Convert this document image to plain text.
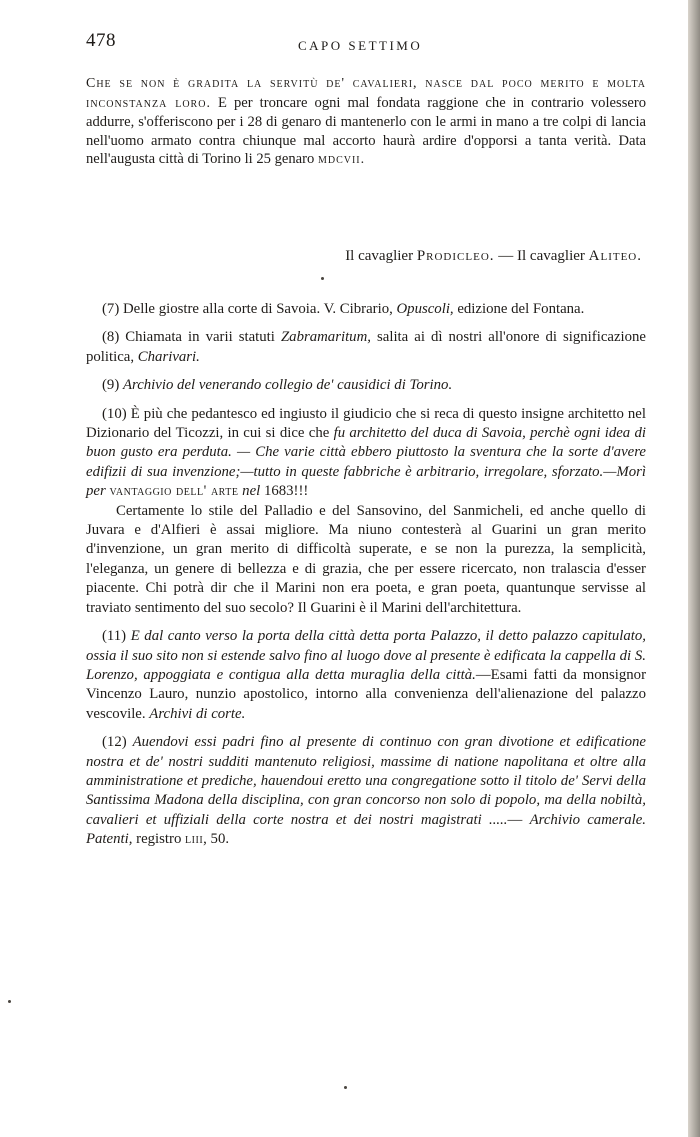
478	CAPO SETTIMO

Che se non è gradita la servitù de' cavalieri, nasce dal poco merito e molta inconstanza loro. E per troncare ogni mal fondata raggione che in contrario volessero addurre, s'offeriscono per i 28 di genaro di mantenerlo con le armi in mano a tre colpi di lancia nell'uomo armato contra chiunque mal accorto haurà ardire d'opporsi a tanta verità. Data nell'augusta città di Torino li 25 genaro mdcvii.

Il cavaglier Prodicleo. — Il cavaglier Aliteo.

(7) Delle giostre alla corte di Savoia. V. Cibrario, Opuscoli, edizione del Fontana.

(8) Chiamata in varii statuti Zabramaritum, salita ai dì nostri all'onore di significazione politica, Charivari.

(9) Archivio del venerando collegio de' causidici di Torino.

(10) È più che pedantesco ed ingiusto il giudicio che si reca di questo insigne architetto nel Dizionario del Ticozzi, in cui si dice che fu architetto del duca di Savoia, perchè ogni idea di buon gusto era perduta. — Che varie città ebbero piuttosto la sventura che la sorte d'avere edifizii di sua invenzione;—tutto in queste fabbriche è arbitrario, irregolare, sforzato.—Morì per vantaggio dell' arte nel 1683!!!

Certamente lo stile del Palladio e del Sansovino, del Sanmicheli, ed anche quello di Juvara e d'Alfieri è assai migliore. Ma niuno contesterà al Guarini un gran merito d'invenzione, un gran merito di difficoltà superate, e se non la purezza, la semplicità, l'eleganza, un genere di bellezza e di grazia, che per essere ricercato, non tralascia d'esser piacente. Chi potrà dir che il Marini non era poeta, e gran poeta, quantunque servisse al traviato sentimento del suo secolo? Il Guarini è il Marini dell'architettura.

(11) E dal canto verso la porta della città detta porta Palazzo, il detto palazzo capitulato, ossia il suo sito non si estende salvo fino al luogo dove al presente è edificata la cappella di S. Lorenzo, appoggiata e contigua alla detta muraglia della città.—Esami fatti da monsignor Vincenzo Lauro, nunzio apostolico, intorno alla convenienza dell'alienazione del palazzo vescovile. Archivi di corte.

(12) Auendovi essi padri fino al presente di continuo con gran divotione et edificatione nostra et de' nostri sudditi mantenuto religiosi, massime di natione napolitana et oltre alla amministratione et prediche, hauendoui eretto una congregatione sotto il titolo de' Servi della Santissima Madona della disciplina, con gran concorso non solo di popolo, ma della nobiltà, cavalieri et uffiziali della corte nostra et dei nostri magistrati .....— Archivio camerale. Patenti, registro liii, 50.
